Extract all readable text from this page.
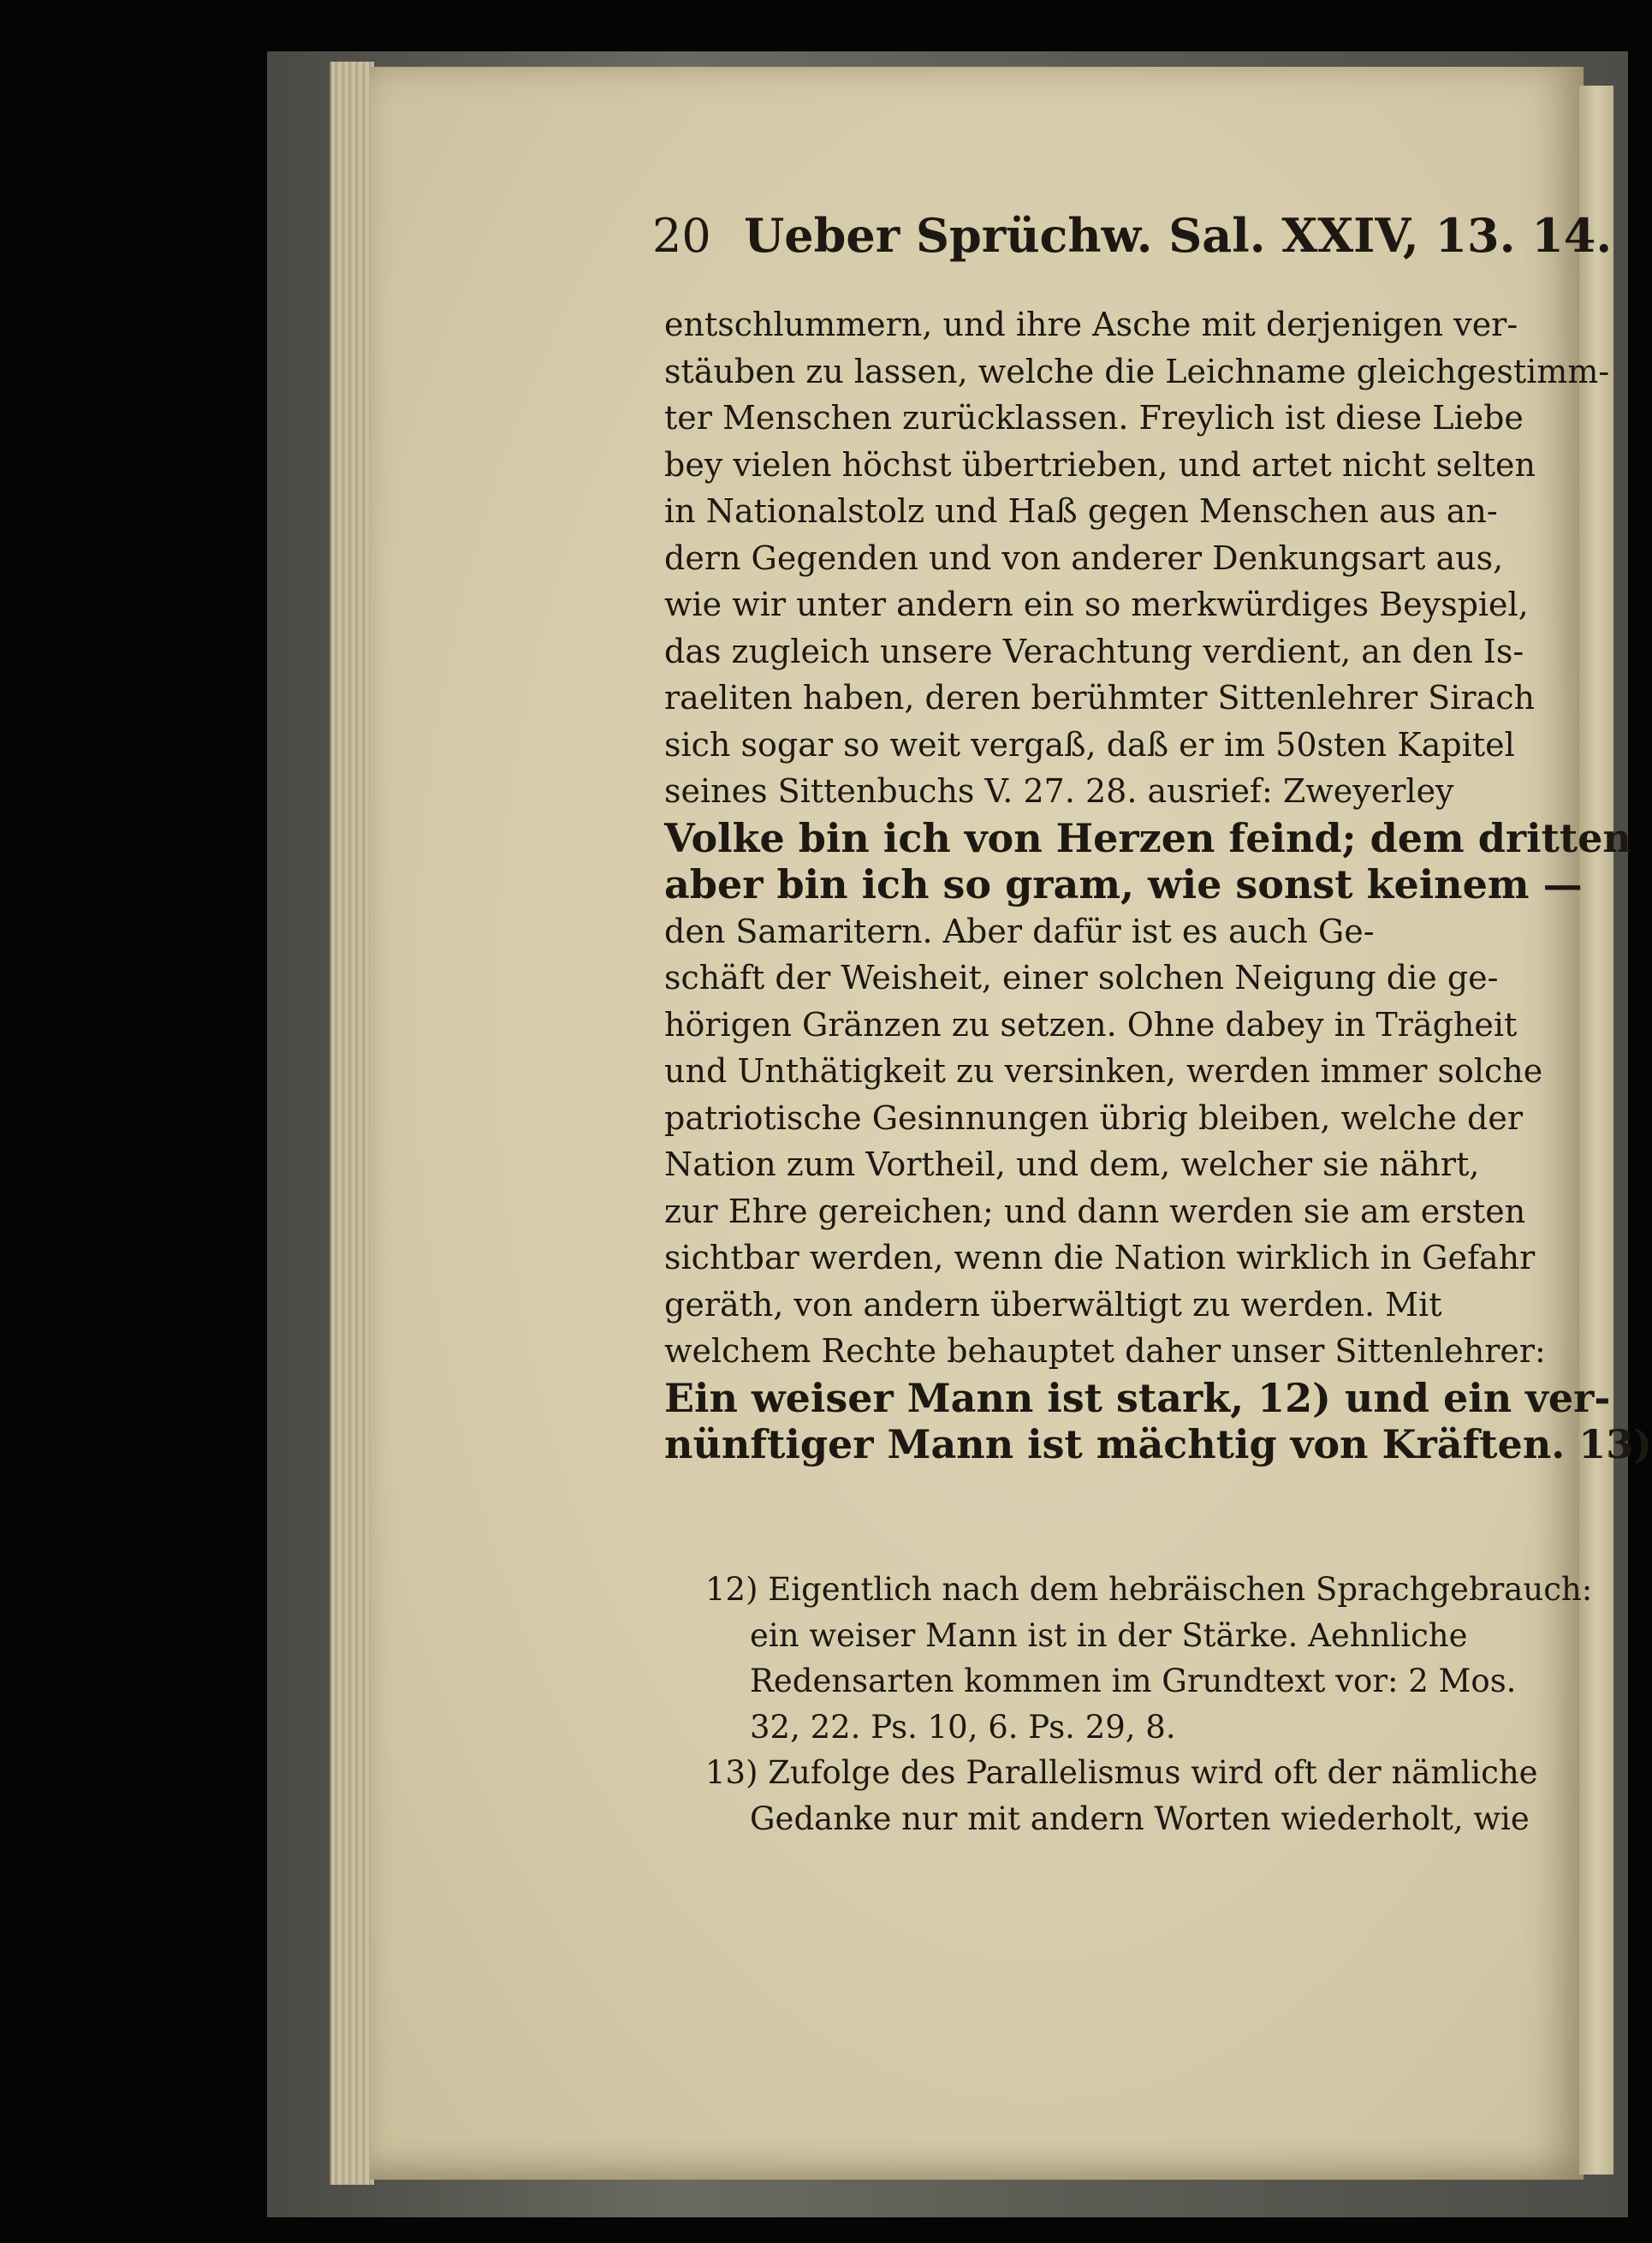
20 Ueber Sprüchw. Sal. XXIV, 13. 14.
entschlummern, und ihre Asche mit derjenigen ver-
stäuben zu lassen, welche die Leichname gleichgestimm-
ter Menschen zurücklassen. Freylich ist diese Liebe
bey vielen höchst übertrieben, und artet nicht selten
in Nationalstolz und Haß gegen Menschen aus an-
dern Gegenden und von anderer Denkungsart aus,
wie wir unter andern ein so merkwürdiges Beyspiel,
das zugleich unsere Verachtung verdient, an den Is-
raeliten haben, deren berühmter Sittenlehrer Sirach
sich sogar so weit vergaß, daß er im 50sten Kapitel
seines Sittenbuchs V. 27. 28. ausrief: Zweyerley
Volke bin ich von Herzen feind; dem dritten
aber bin ich so gram, wie sonst keinem —
den Samaritern. Aber dafür ist es auch Ge-
schäft der Weisheit, einer solchen Neigung die ge-
hörigen Gränzen zu setzen. Ohne dabey in Trägheit
und Unthätigkeit zu versinken, werden immer solche
patriotische Gesinnungen übrig bleiben, welche der
Nation zum Vortheil, und dem, welcher sie nährt,
zur Ehre gereichen; und dann werden sie am ersten
sichtbar werden, wenn die Nation wirklich in Gefahr
geräth, von andern überwältigt zu werden. Mit
welchem Rechte behauptet daher unser Sittenlehrer:
Ein weiser Mann ist stark, 12) und ein ver-
nünftiger Mann ist mächtig von Kräften. 13)
12) Eigentlich nach dem hebräischen Sprachgebrauch:
ein weiser Mann ist in der Stärke. Aehnliche
Redensarten kommen im Grundtext vor: 2 Mos.
32, 22. Ps. 10, 6. Ps. 29, 8.
13) Zufolge des Parallelismus wird oft der nämliche
Gedanke nur mit andern Worten wiederholt, wie
